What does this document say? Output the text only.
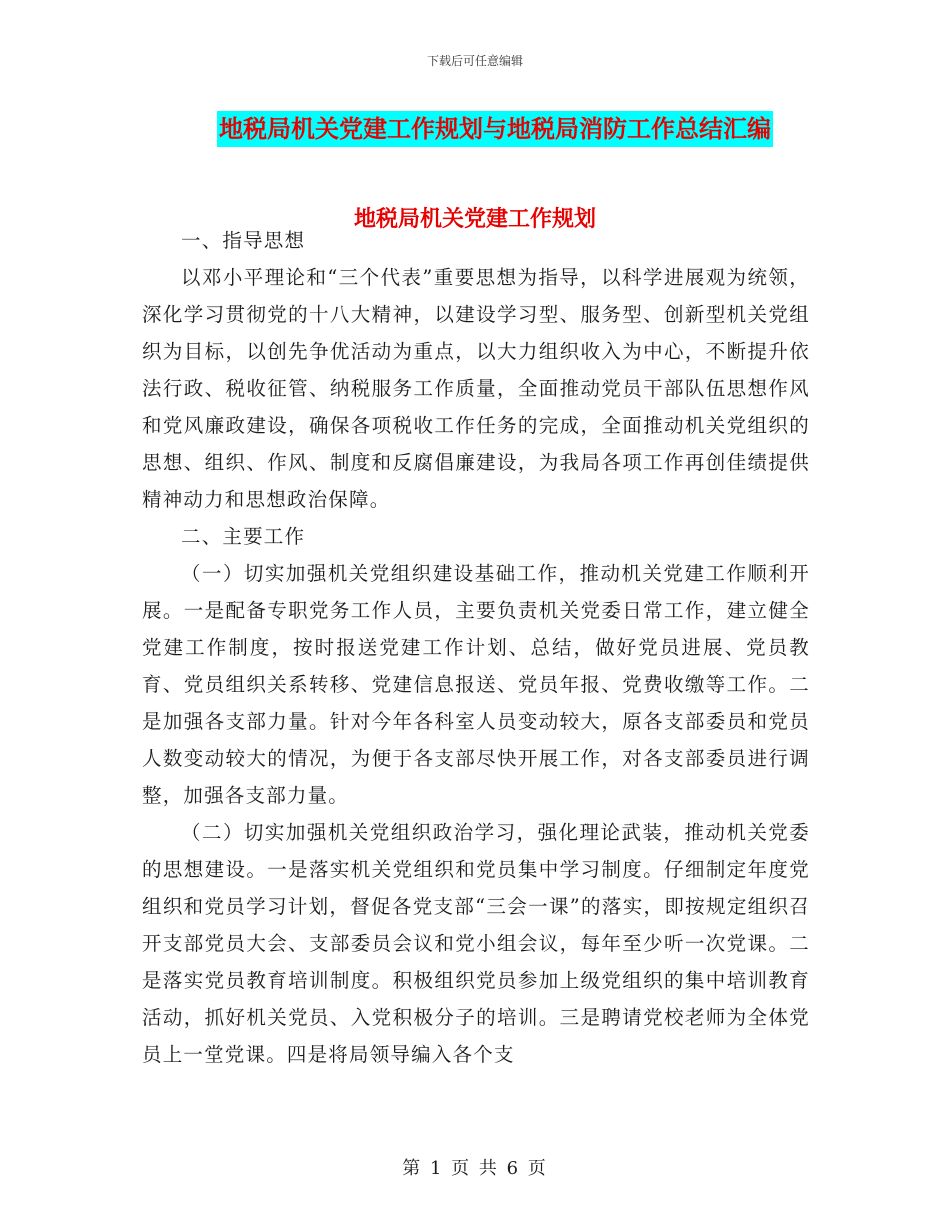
下载后可任意编辑
地税局机关党建工作规划与地税局消防工作总结汇编
地税局机关党建工作规划

一、指导思想

以邓小平理论和“三个代表”重要思想为指导，以科学进展观为统领，深化学习贯彻党的十八大精神，以建设学习型、服务型、创新型机关党组织为目标，以创先争优活动为重点，以大力组织收入为中心，不断提升依法行政、税收征管、纳税服务工作质量，全面推动党员干部队伍思想作风和党风廉政建设，确保各项税收工作任务的完成，全面推动机关党组织的思想、组织、作风、制度和反腐倡廉建设，为我局各项工作再创佳绩提供精神动力和思想政治保障。

二、主要工作

（一）切实加强机关党组织建设基础工作，推动机关党建工作顺利开展。一是配备专职党务工作人员，主要负责机关党委日常工作，建立健全党建工作制度，按时报送党建工作计划、总结，做好党员进展、党员教育、党员组织关系转移、党建信息报送、党员年报、党费收缴等工作。二是加强各支部力量。针对今年各科室人员变动较大，原各支部委员和党员人数变动较大的情况，为便于各支部尽快开展工作，对各支部委员进行调整，加强各支部力量。

（二）切实加强机关党组织政治学习，强化理论武装，推动机关党委的思想建设。一是落实机关党组织和党员集中学习制度。仔细制定年度党组织和党员学习计划，督促各党支部“三会一课”的落实，即按规定组织召开支部党员大会、支部委员会议和党小组会议，每年至少听一次党课。二是落实党员教育培训制度。积极组织党员参加上级党组织的集中培训教育活动，抓好机关党员、入党积极分子的培训。三是聘请党校老师为全体党员上一堂党课。四是将局领导编入各个支

第 1 页 共 6 页
